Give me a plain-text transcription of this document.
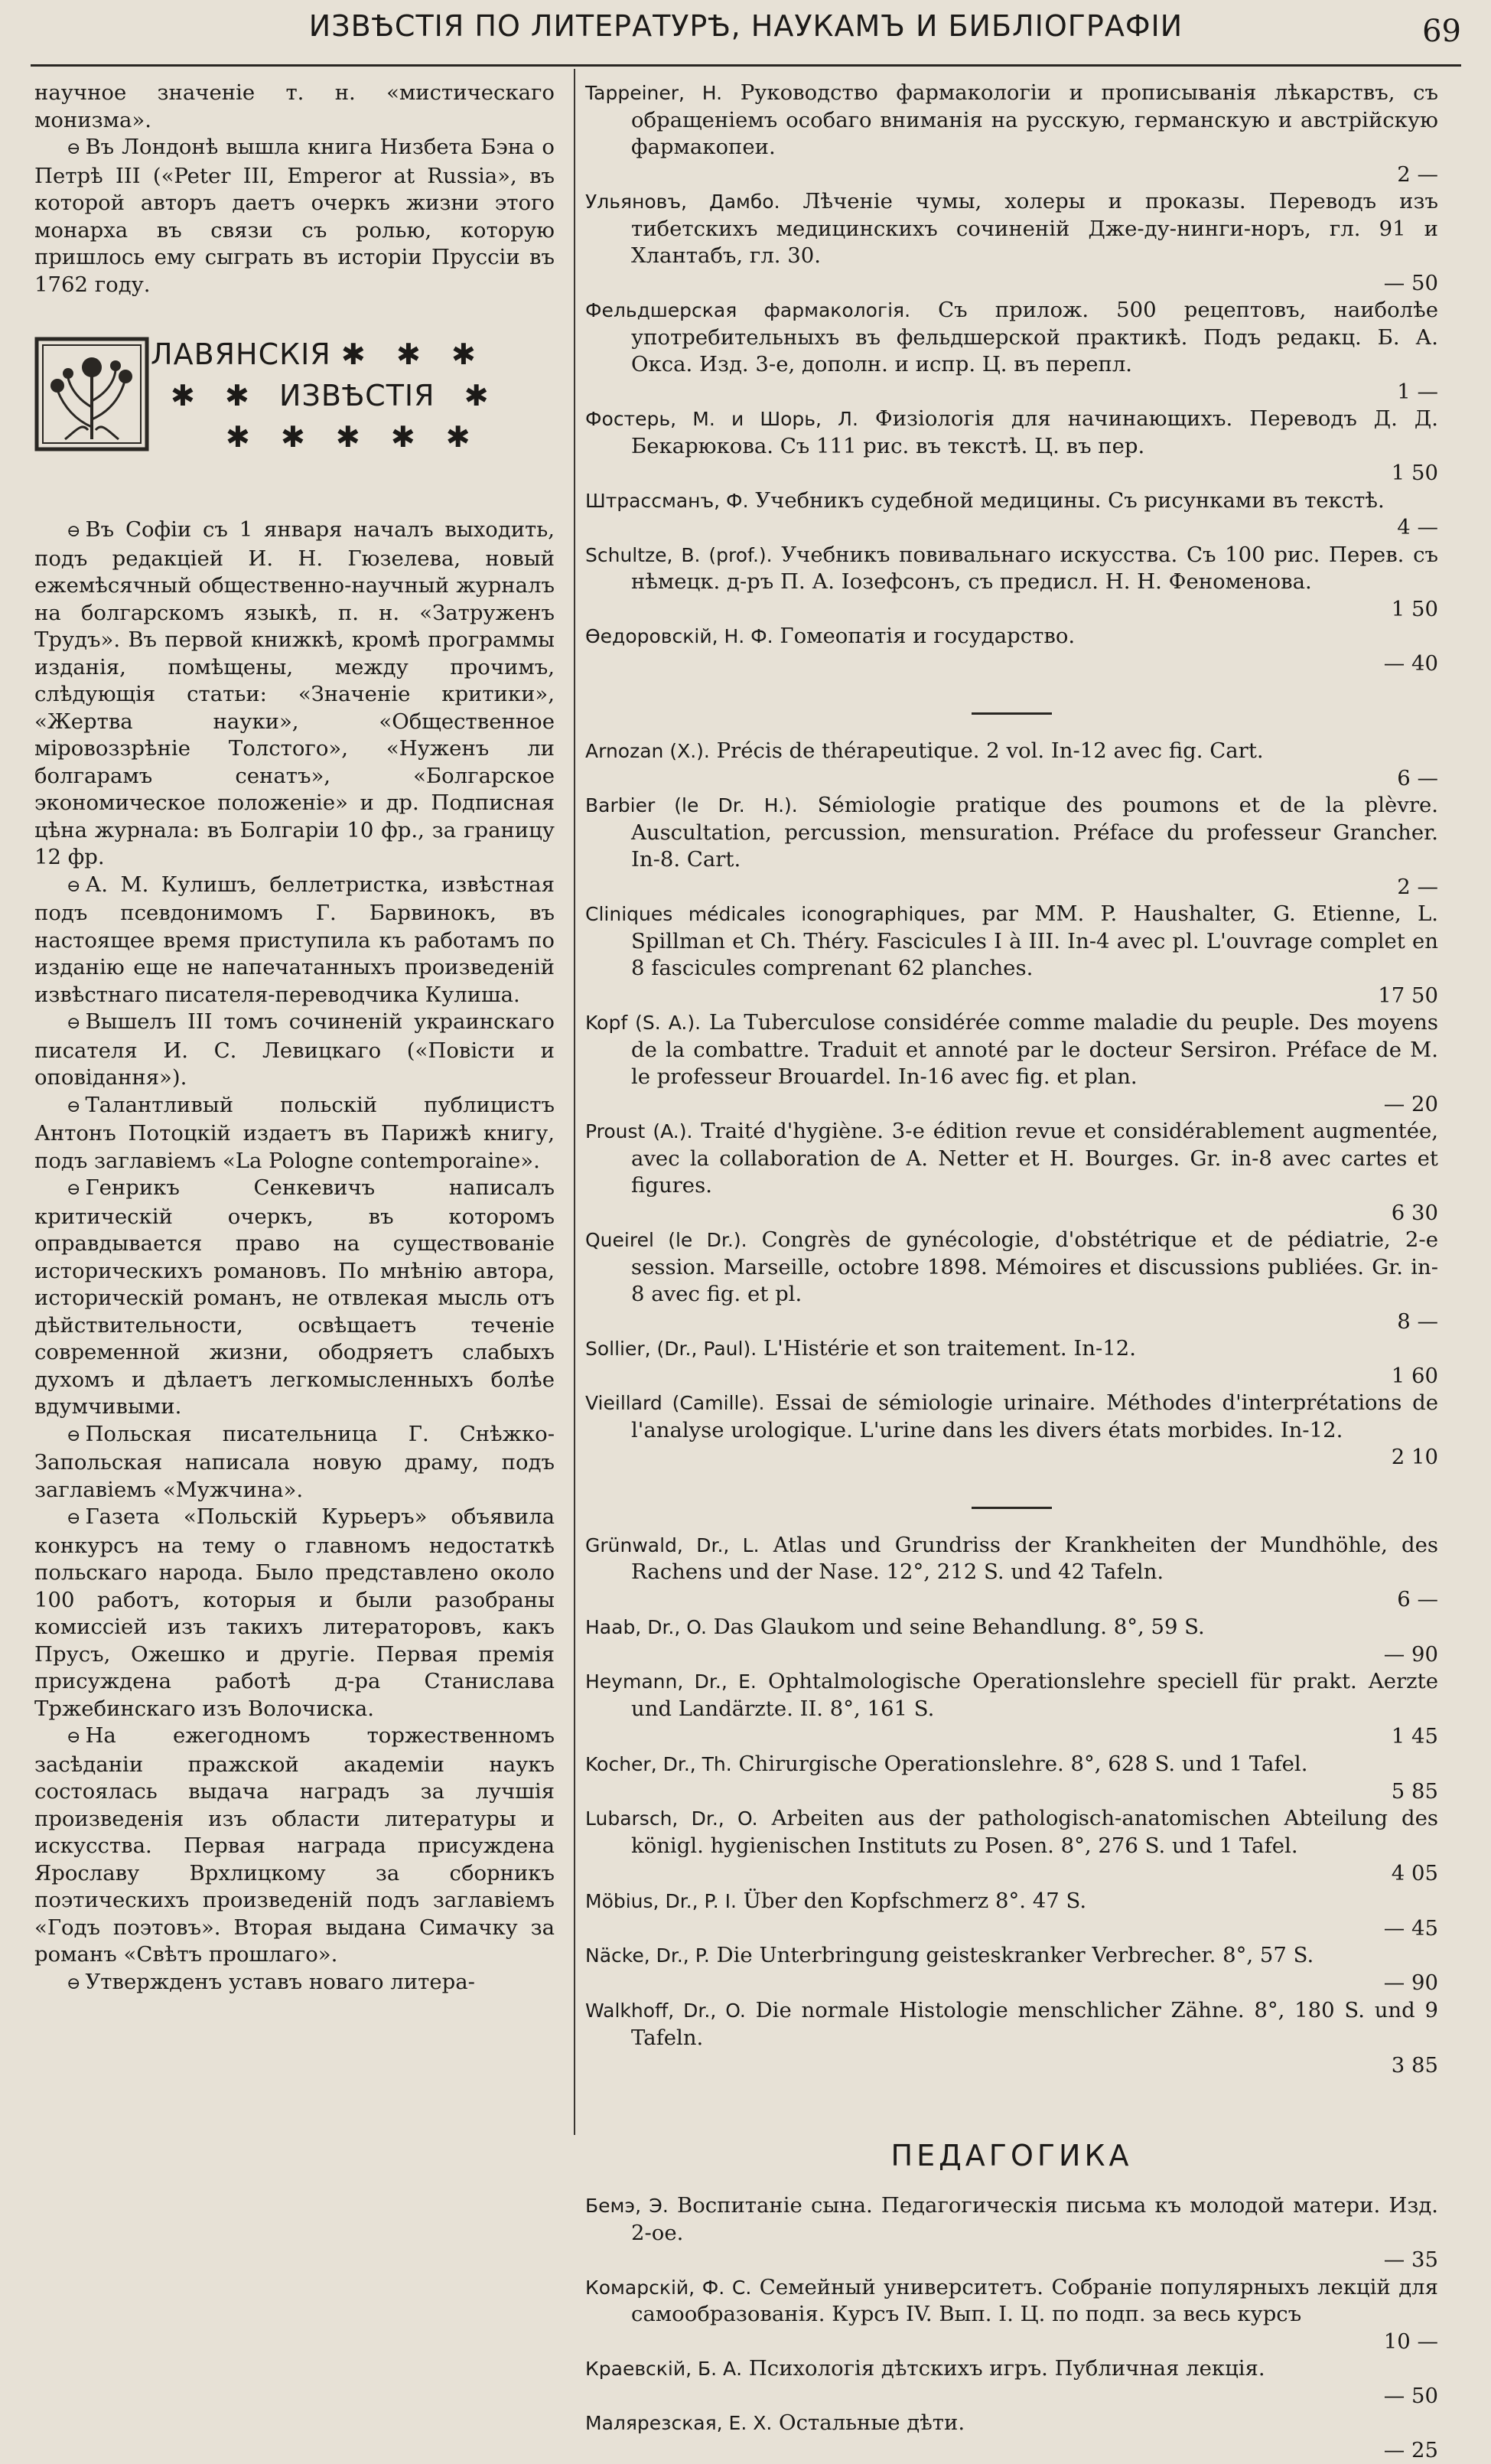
ИЗВѢСТІЯ ПО ЛИТЕРАТУРѢ, НАУКАМЪ И БИБЛІОГРАФІИ	69

научное значеніе т. н. «мистическаго монизма».

⊖ Въ Лондонѣ вышла книга Низбета Бэна о Петрѣ III («Peter III, Emperor at Russia», въ которой авторъ даетъ очеркъ жизни этого монарха въ связи съ ролью, которую пришлось ему сыграть въ исторіи Пруссіи въ 1762 году.

ЛАВЯНСКІЯ ✱ ✱ ✱
✱ ✱ ИЗВѢСТІЯ ✱
✱ ✱ ✱ ✱ ✱

⊖ Въ Софіи съ 1 января началъ выходить, подъ редакціей И. Н. Гюзелева, новый ежемѣсячный общественно-научный журналъ на болгарскомъ языкѣ, п. н. «Затруженъ Трудъ». Въ первой книжкѣ, кромѣ программы изданія, помѣщены, между прочимъ, слѣдующія статьи: «Значеніе критики», «Жертва науки», «Общественное міровоззрѣніе Толстого», «Нуженъ ли болгарамъ сенатъ», «Болгарское экономическое положеніе» и др. Подписная цѣна журнала: въ Болгаріи 10 фр., за границу 12 фр.

⊖ А. М. Кулишъ, беллетристка, извѣстная подъ псевдонимомъ Г. Барвинокъ, въ настоящее время приступила къ работамъ по изданію еще не напечатанныхъ произведеній извѣстнаго писателя-переводчика Кулиша.

⊖ Вышелъ III томъ сочиненій украинскаго писателя И. С. Левицкаго («Повісти и оповідання»).

⊖ Талантливый польскій публицистъ Антонъ Потоцкій издаетъ въ Парижѣ книгу, подъ заглавіемъ «La Pologne contemporaine».

⊖ Генрикъ Сенкевичъ написалъ критическій очеркъ, въ которомъ оправдывается право на существованіе историческихъ романовъ. По мнѣнію автора, историческій романъ, не отвлекая мысль отъ дѣйствительности, освѣщаетъ теченіе современной жизни, ободряетъ слабыхъ духомъ и дѣлаетъ легкомысленныхъ болѣе вдумчивыми.

⊖ Польская писательница Г. Снѣжко-Запольская написала новую драму, подъ заглавіемъ «Мужчина».

⊖ Газета «Польскій Курьеръ» объявила конкурсъ на тему о главномъ недостаткѣ польскаго народа. Было представлено около 100 работъ, которыя и были разобраны комиссіей изъ такихъ литераторовъ, какъ Прусъ, Ожешко и другіе. Первая премія присуждена работѣ д-ра Станислава Тржебинскаго изъ Волочиска.

⊖ На ежегодномъ торжественномъ засѣданіи пражской академіи наукъ состоялась выдача наградъ за лучшія произведенія изъ области литературы и искусства. Первая награда присуждена Ярославу Врхлицкому за сборникъ поэтическихъ произведеній подъ заглавіемъ «Годъ поэтовъ». Вторая выдана Симачку за романъ «Свѣтъ прошлаго».

⊖ Утвержденъ уставъ новаго литера-

Tappeiner, H. Руководство фармакологіи и прописыванія лѣкарствъ, съ обращеніемъ особаго вниманія на русскую, германскую и австрійскую фармакопеи.
2 —

Ульяновъ, Дамбо. Лѣченіе чумы, холеры и проказы. Переводъ изъ тибетскихъ медицинскихъ сочиненій Дже-ду-нинги-норъ, гл. 91 и Хлантабъ, гл. 30.
— 50

Фельдшерская фармакологія. Съ прилож. 500 рецептовъ, наиболѣе употребительныхъ въ фельдшерской практикѣ. Подъ редакц. Б. А. Окса. Изд. 3-е, дополн. и испр. Ц. въ перепл.
1 —

Фостерь, М. и Шорь, Л. Физіологія для начинающихъ. Переводъ Д. Д. Бекарюкова. Съ 111 рис. въ текстѣ. Ц. въ пер.
1 50

Штрассманъ, Ф. Учебникъ судебной медицины. Съ рисунками въ текстѣ.
4 —

Schultze, B. (prof.). Учебникъ повивальнаго искусства. Съ 100 рис. Перев. съ нѣмецк. д-ръ П. А. Іозефсонъ, съ предисл. Н. Н. Феноменова.
1 50

Өедоровскій, Н. Ф. Гомеопатія и государство.
— 40

Arnozan (X.). Précis de thérapeutique. 2 vol. In-12 avec fig. Cart.
6 —

Barbier (le Dr. H.). Sémiologie pratique des poumons et de la plèvre. Auscultation, percussion, mensuration. Préface du professeur Grancher. In-8. Cart.
2 —

Cliniques médicales iconographiques, par MM. P. Haushalter, G. Etienne, L. Spillman et Ch. Théry. Fascicules I à III. In-4 avec pl. L'ouvrage complet en 8 fascicules comprenant 62 planches.
17 50

Kopf (S. A.). La Tuberculose considérée comme maladie du peuple. Des moyens de la combattre. Traduit et annoté par le docteur Sersiron. Préface de M. le professeur Brouardel. In-16 avec fig. et plan.
— 20

Proust (A.). Traité d'hygiène. 3-e édition revue et considérablement augmentée, avec la collaboration de A. Netter et H. Bourges. Gr. in-8 avec cartes et figures.
6 30

Queirel (le Dr.). Congrès de gynécologie, d'obstétrique et de pédiatrie, 2-e session. Marseille, octobre 1898. Mémoires et discussions publiées. Gr. in-8 avec fig. et pl.
8 —

Sollier, (Dr., Paul). L'Histérie et son traitement. In-12.
1 60

Vieillard (Camille). Essai de sémiologie urinaire. Méthodes d'interprétations de l'analyse urologique. L'urine dans les divers états morbides. In-12.
2 10

Grünwald, Dr., L. Atlas und Grundriss der Krankheiten der Mundhöhle, des Rachens und der Nase. 12°, 212 S. und 42 Tafeln.
6 —

Haab, Dr., O. Das Glaukom und seine Behandlung. 8°, 59 S.
— 90

Heymann, Dr., E. Ophtalmologische Operationslehre speciell für prakt. Aerzte und Landärzte. II. 8°, 161 S.
1 45

Kocher, Dr., Th. Chirurgische Operationslehre. 8°, 628 S. und 1 Tafel.
5 85

Lubarsch, Dr., O. Arbeiten aus der pathologisch-anatomischen Abteilung des königl. hygienischen Instituts zu Posen. 8°, 276 S. und 1 Tafel.
4 05

Möbius, Dr., P. I. Über den Kopfschmerz 8°. 47 S.
— 45

Näcke, Dr., P. Die Unterbringung geisteskranker Verbrecher. 8°, 57 S.
— 90

Walkhoff, Dr., O. Die normale Histologie menschlicher Zähne. 8°, 180 S. und 9 Tafeln.
3 85

ПЕДАГОГИКА

Бемэ, Э. Воспитаніе сына. Педагогическія письма къ молодой матери. Изд. 2-ое.
— 35

Комарскій, Ф. С. Семейный университетъ. Собраніе популярныхъ лекцій для самообразованія. Курсъ IV. Вып. I. Ц. по подп. за весь курсъ
10 —

Краевскій, Б. А. Психологія дѣтскихъ игръ. Публичная лекція.
— 50

Малярезская, Е. Х. Остальные дѣти.
— 25
